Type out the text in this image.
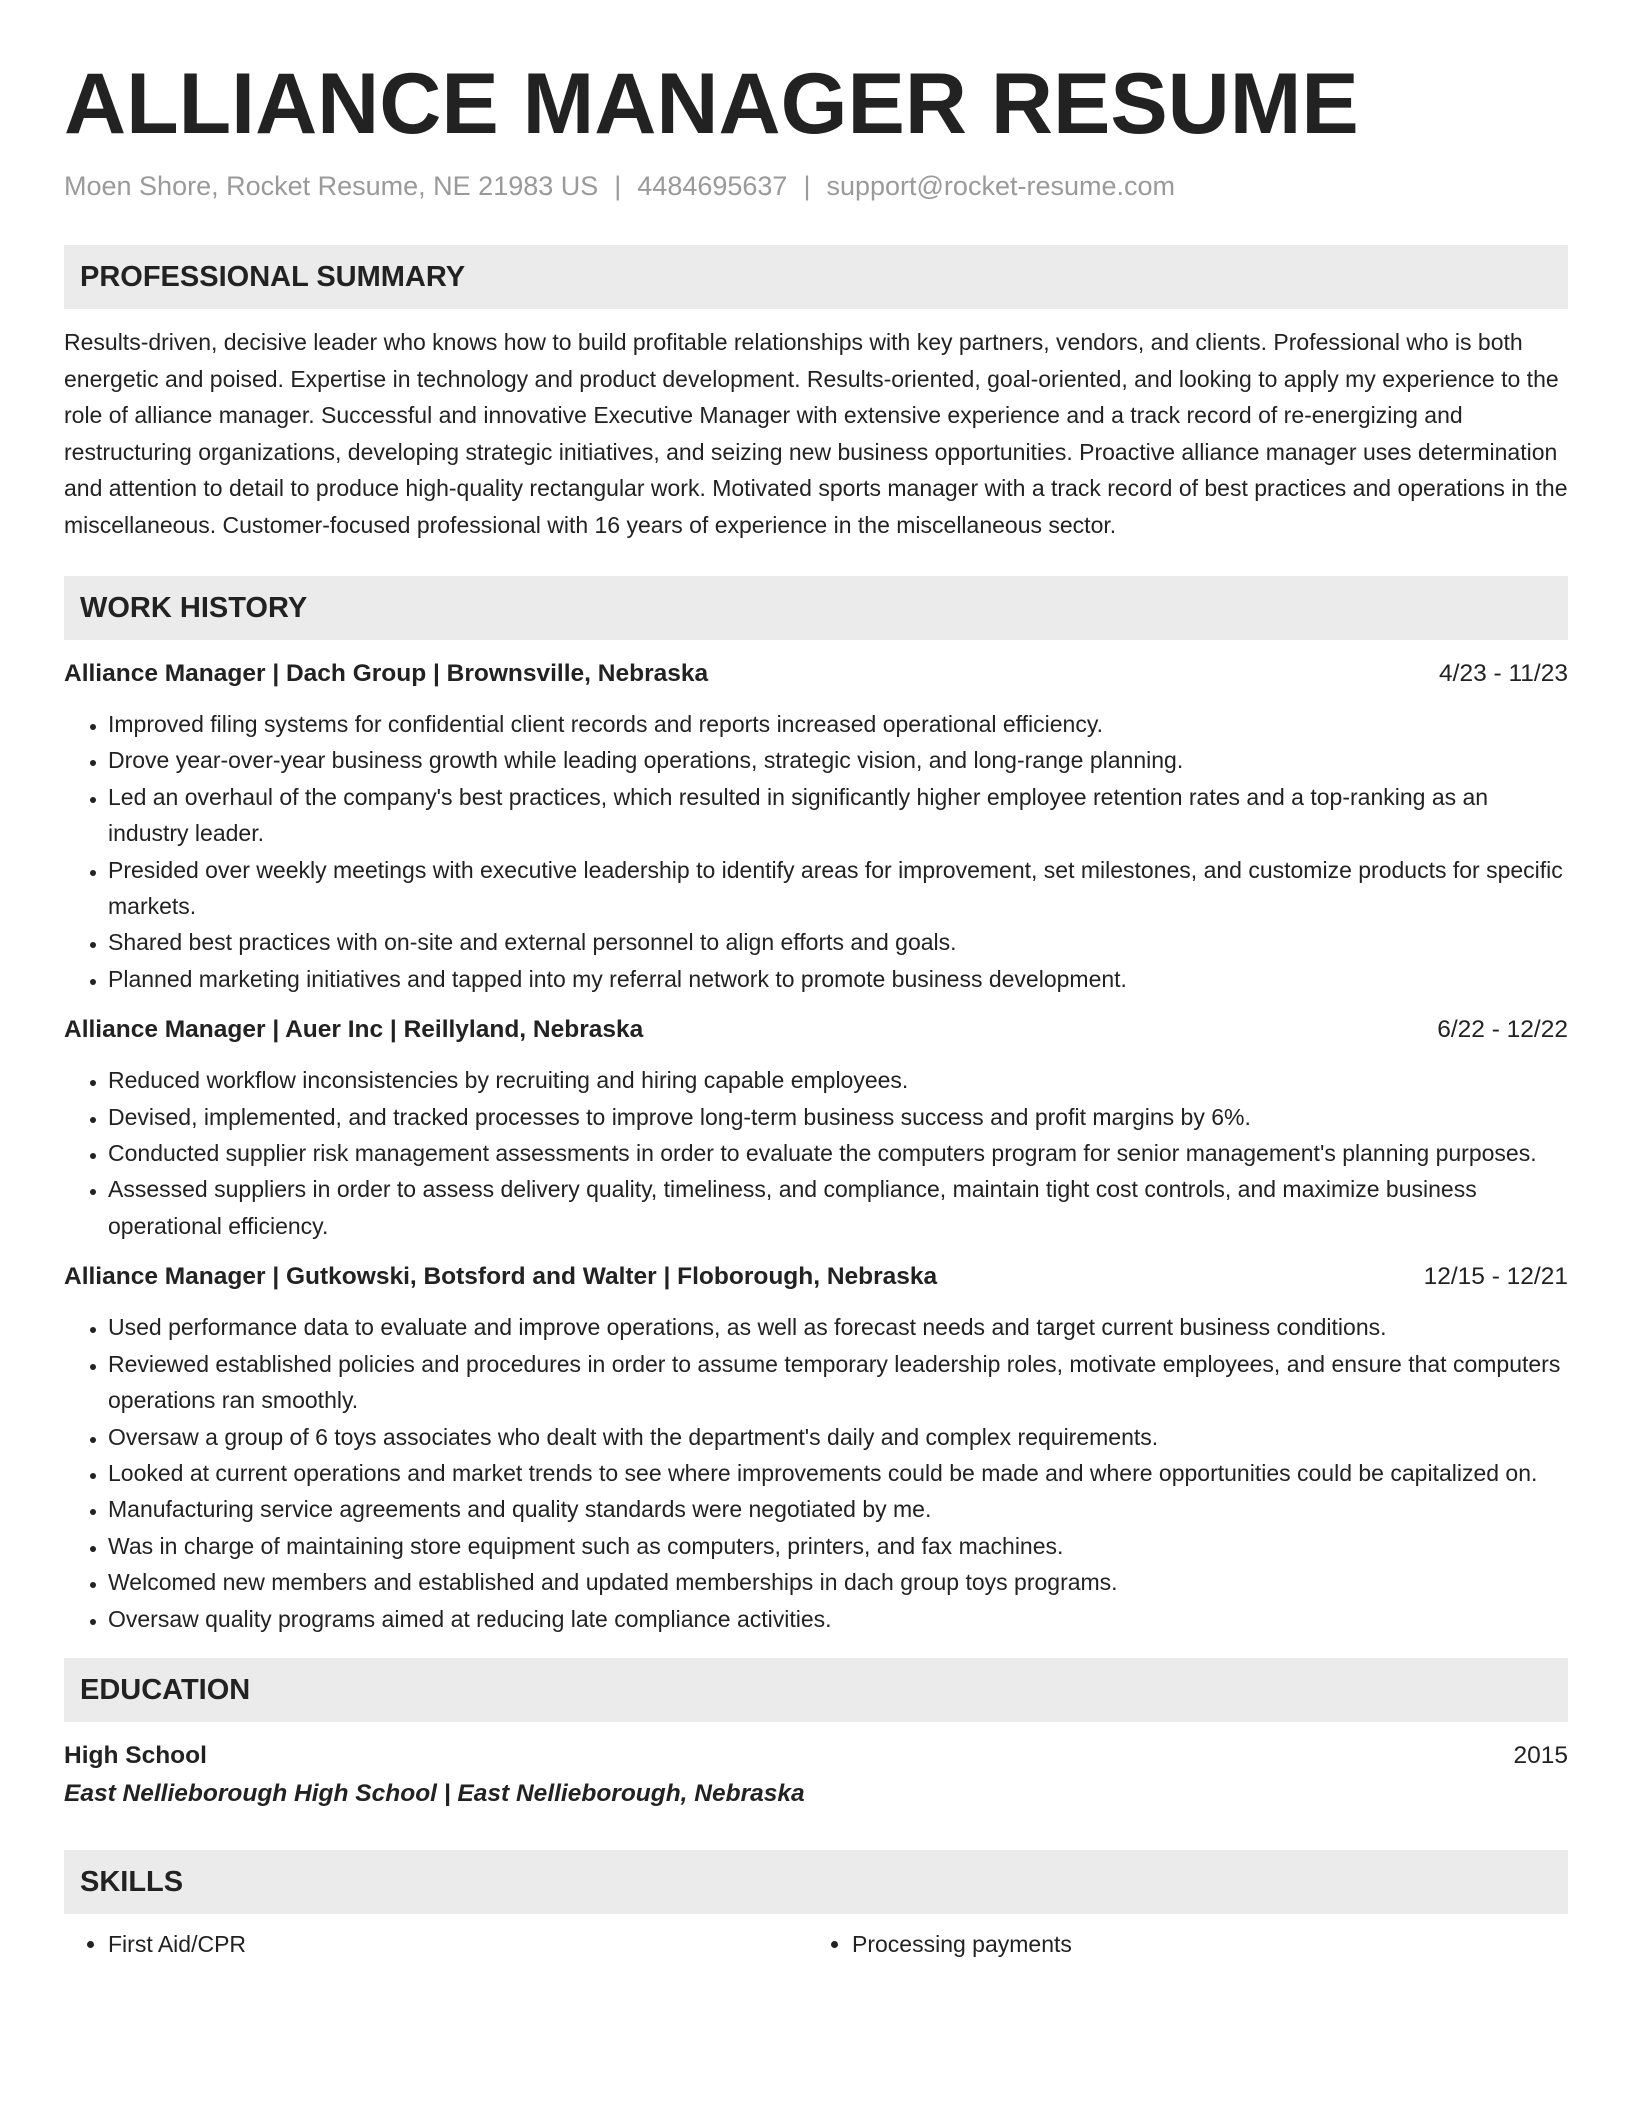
ALLIANCE MANAGER RESUME
Moen Shore, Rocket Resume, NE 21983 US | 4484695637 | support@rocket-resume.com
PROFESSIONAL SUMMARY

Results-driven, decisive leader who knows how to build profitable relationships with key partners, vendors, and clients. Professional who is both energetic and poised. Expertise in technology and product development. Results-oriented, goal-oriented, and looking to apply my experience to the role of alliance manager. Successful and innovative Executive Manager with extensive experience and a track record of re-energizing and restructuring organizations, developing strategic initiatives, and seizing new business opportunities. Proactive alliance manager uses determination and attention to detail to produce high-quality rectangular work. Motivated sports manager with a track record of best practices and operations in the miscellaneous. Customer-focused professional with 16 years of experience in the miscellaneous sector.

WORK HISTORY
Alliance Manager | Dach Group | Brownsville, Nebraska	4/23 - 11/23
• Improved filing systems for confidential client records and reports increased operational efficiency.
• Drove year-over-year business growth while leading operations, strategic vision, and long-range planning.
• Led an overhaul of the company's best practices, which resulted in significantly higher employee retention rates and a top-ranking as an industry leader.
• Presided over weekly meetings with executive leadership to identify areas for improvement, set milestones, and customize products for specific markets.
• Shared best practices with on-site and external personnel to align efforts and goals.
• Planned marketing initiatives and tapped into my referral network to promote business development.
Alliance Manager | Auer Inc | Reillyland, Nebraska	6/22 - 12/22
• Reduced workflow inconsistencies by recruiting and hiring capable employees.
• Devised, implemented, and tracked processes to improve long-term business success and profit margins by 6%.
• Conducted supplier risk management assessments in order to evaluate the computers program for senior management's planning purposes.
• Assessed suppliers in order to assess delivery quality, timeliness, and compliance, maintain tight cost controls, and maximize business operational efficiency.
Alliance Manager | Gutkowski, Botsford and Walter | Floborough, Nebraska	12/15 - 12/21
• Used performance data to evaluate and improve operations, as well as forecast needs and target current business conditions.
• Reviewed established policies and procedures in order to assume temporary leadership roles, motivate employees, and ensure that computers operations ran smoothly.
• Oversaw a group of 6 toys associates who dealt with the department's daily and complex requirements.
• Looked at current operations and market trends to see where improvements could be made and where opportunities could be capitalized on.
• Manufacturing service agreements and quality standards were negotiated by me.
• Was in charge of maintaining store equipment such as computers, printers, and fax machines.
• Welcomed new members and established and updated memberships in dach group toys programs.
• Oversaw quality programs aimed at reducing late compliance activities.
EDUCATION
High School	2015
East Nellieborough High School | East Nellieborough, Nebraska
SKILLS
• First Aid/CPR
•	Processing payments
